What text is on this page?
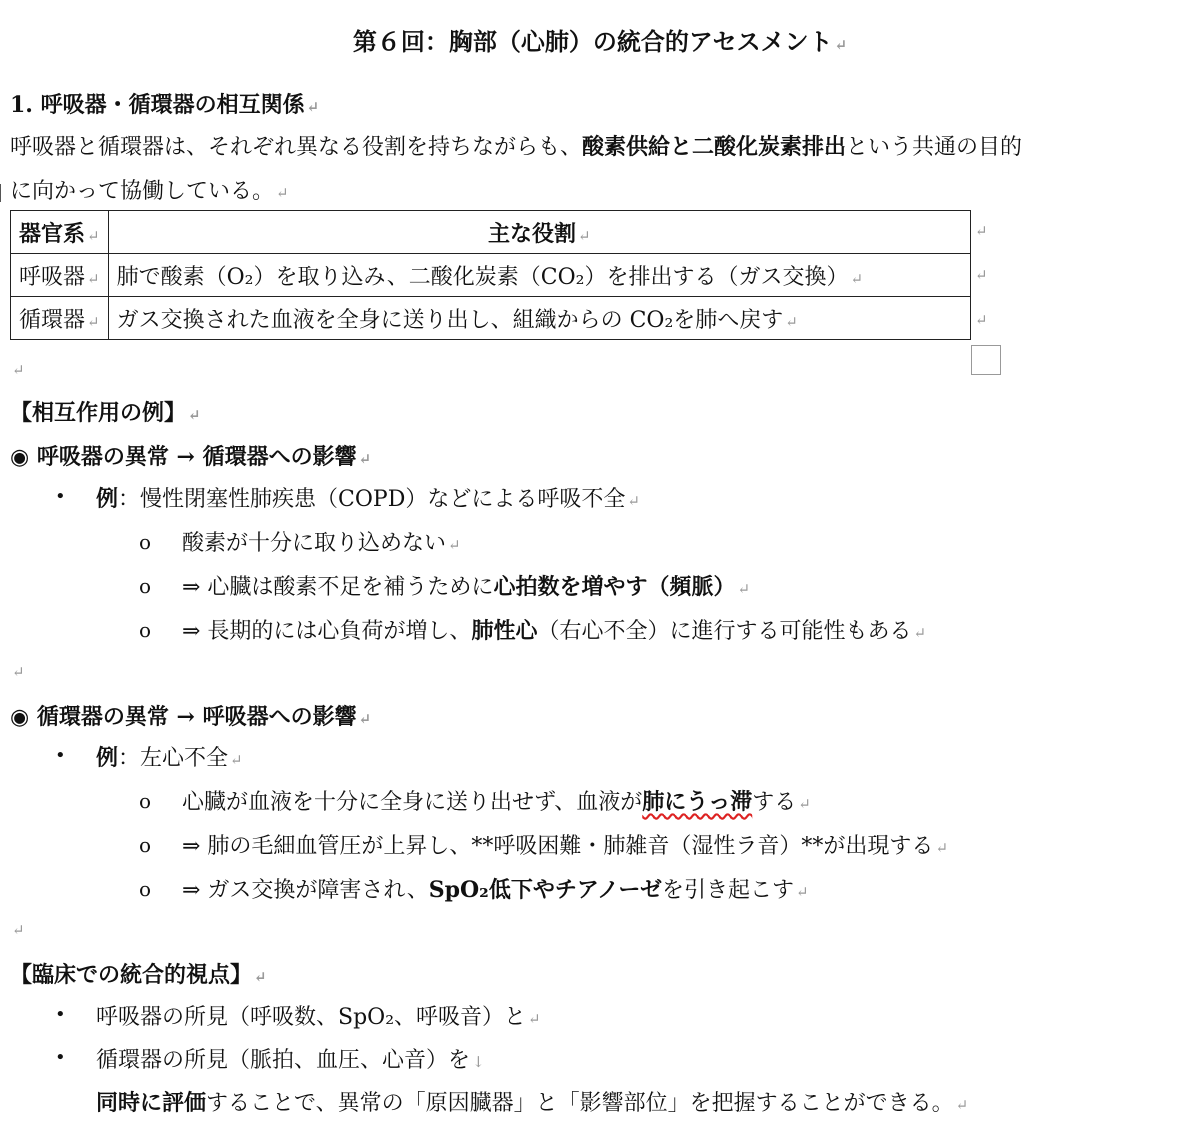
第６回：胸部（心肺）の統合的アセスメント ↵
1. 呼吸器・循環器の相互関係 ↵
呼吸器と循環器は、それぞれ異なる役割を持ちながらも、酸素供給と二酸化炭素排出という共通の目的
に向かって協働している。 ↵
器官系 ↵	主な役割 ↵
呼吸器 ↵	肺で酸素（O₂）を取り込み、二酸化炭素（CO₂）を排出する（ガス交換） ↵
循環器 ↵	ガス交換された血液を全身に送り出し、組織からの CO₂を肺へ戻す ↵
↵
↵
↵
↵
【相互作用の例】 ↵
◉ 呼吸器の異常 → 循環器への影響 ↵
• 例：慢性閉塞性肺疾患（COPD）などによる呼吸不全 ↵
o 酸素が十分に取り込めない ↵
o ⇒ 心臓は酸素不足を補うために心拍数を増やす（頻脈） ↵
o ⇒ 長期的には心負荷が増し、肺性心（右心不全）に進行する可能性もある ↵
↵
◉ 循環器の異常 → 呼吸器への影響 ↵
• 例：左心不全 ↵
o 心臓が血液を十分に全身に送り出せず、血液が肺にうっ滞する ↵
o ⇒ 肺の毛細血管圧が上昇し、**呼吸困難・肺雑音（湿性ラ音）**が出現する ↵
o ⇒ ガス交換が障害され、SpO₂低下やチアノーゼを引き起こす ↵
↵
【臨床での統合的視点】 ↵
• 呼吸器の所見（呼吸数、SpO₂、呼吸音）と ↵
• 循環器の所見（脈拍、血圧、心音）を ↓
同時に評価することで、異常の「原因臓器」と「影響部位」を把握することができる。 ↵
